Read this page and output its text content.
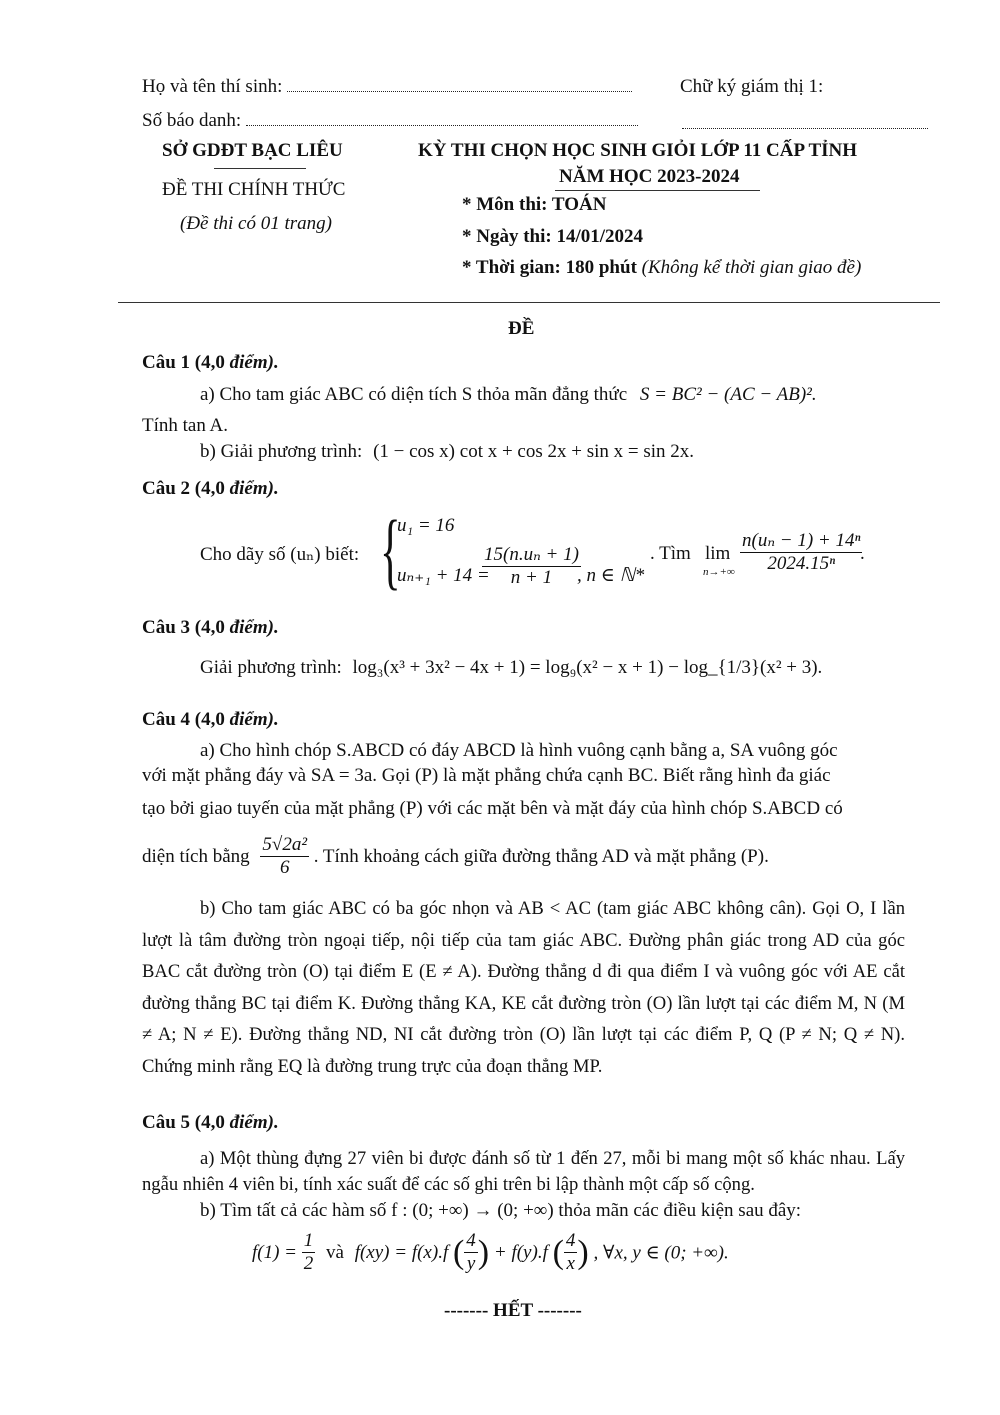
Họ và tên thí sinh:	Chữ ký giám thị 1:
Số báo danh:
SỞ GDĐT BẠC LIÊU
ĐỀ THI CHÍNH THỨC
(Đề thi có 01 trang)
KỲ THI CHỌN HỌC SINH GIỎI LỚP 11 CẤP TỈNH
NĂM HỌC 2023-2024
* Môn thi: TOÁN
* Ngày thi: 14/01/2024
* Thời gian: 180 phút (Không kể thời gian giao đề)
ĐỀ
Câu 1 (4,0 điểm).
a) Cho tam giác ABC có diện tích S thỏa mãn đẳng thức S = BC² − (AC − AB)².
Tính tan A.
b) Giải phương trình: (1 − cos x) cot x + cos 2x + sin x = sin 2x.
Câu 2 (4,0 điểm).
Cho dãy số (uₙ) biết: {
u₁ = 16
uₙ₊₁ + 14 =
$\frac{\text{15(n.uₙ + 1)}}{n + 1}$
, n ∈ ℕ*
. Tìm lim
$n\to+\infty \frac{\text{n(uₙ − 1) + 14ⁿ}}{\text{2024.15ⁿ}}$
.
Câu 3 (4,0 điểm).
Giải phương trình: log₃(x³ + 3x² − 4x + 1) = log₉(x² − x + 1) − log_{1/3}(x² + 3).
Câu 4 (4,0 điểm).
a) Cho hình chóp S.ABCD có đáy ABCD là hình vuông cạnh bằng a, SA vuông góc
với mặt phẳng đáy và SA = 3a. Gọi (P) là mặt phẳng chứa cạnh BC. Biết rằng hình đa giác
tạo bởi giao tuyến của mặt phẳng (P) với các mặt bên và mặt đáy của hình chóp S.ABCD có
diện tích bằng $\frac{\text{5√2a²}}{6}$ . Tính khoảng cách giữa đường thẳng AD và mặt phẳng (P).
b) Cho tam giác ABC có ba góc nhọn và AB < AC (tam giác ABC không cân). Gọi O, I lần lượt là tâm đường tròn ngoại tiếp, nội tiếp của tam giác ABC. Đường phân giác trong AD của góc BAC cắt đường tròn (O) tại điểm E (E ≠ A). Đường thẳng d đi qua điểm I và vuông góc với AE cắt đường thẳng BC tại điểm K. Đường thẳng KA, KE cắt đường tròn (O) lần lượt tại các điểm M, N (M ≠ A; N ≠ E). Đường thẳng ND, NI cắt đường tròn (O) lần lượt tại các điểm P, Q (P ≠ N; Q ≠ N). Chứng minh rằng EQ là đường trung trực của đoạn thẳng MP.
Câu 5 (4,0 điểm).
a) Một thùng đựng 27 viên bi được đánh số từ 1 đến 27, mỗi bi mang một số khác nhau. Lấy ngẫu nhiên 4 viên bi, tính xác suất để các số ghi trên bi lập thành một cấp số cộng.
b) Tìm tất cả các hàm số f : (0; +∞) → (0; +∞) thỏa mãn các điều kiện sau đây:
$f(1) = \frac{1}{2}$ và f(xy) = f(x).f ( $\frac{4}{y}$ ) + f(y).f ( $\frac{4}{x}$ ) , ∀x, y ∈ (0; +∞).
------- HẾT -------
